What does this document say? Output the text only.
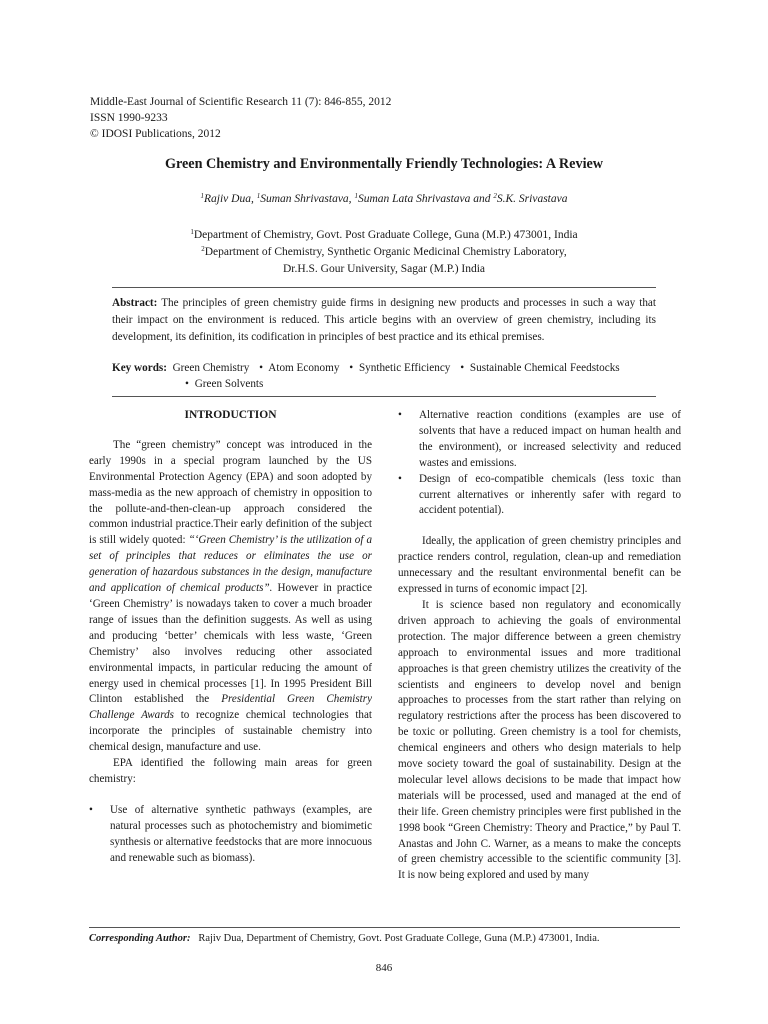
Middle-East Journal of Scientific Research 11 (7): 846-855, 2012
ISSN 1990-9233
© IDOSI Publications, 2012
Green Chemistry and Environmentally Friendly Technologies: A Review
$^1$Rajiv Dua, $^1$Suman Shrivastava, $^1$Suman Lata Shrivastava and $^2$S.K. Srivastava
$^1$Department of Chemistry, Govt. Post Graduate College, Guna (M.P.) 473001, India
$^2$Department of Chemistry, Synthetic Organic Medicinal Chemistry Laboratory,
Dr.H.S. Gour University, Sagar (M.P.) India
Abstract: The principles of green chemistry guide firms in designing new products and processes in such a way that their impact on the environment is reduced. This article begins with an overview of green chemistry, including its development, its definition, its codification in principles of best practice and its ethical premises.
Key words: Green Chemistry • Atom Economy • Synthetic Efficiency • Sustainable Chemical Feedstocks
• Green Solvents
INTRODUCTION

The “green chemistry” concept was introduced in the early 1990s in a special program launched by the US Environmental Protection Agency (EPA) and soon adopted by mass-media as the new approach of chemistry in opposition to the pollute-and-then-clean-up approach considered the common industrial practice.Their early definition of the subject is still widely quoted: “‘Green Chemistry’ is the utilization of a set of principles that reduces or eliminates the use or generation of hazardous substances in the design, manufacture and application of chemical products”. However in practice ‘Green Chemistry’ is nowadays taken to cover a much broader range of issues than the definition suggests. As well as using and producing ‘better’ chemicals with less waste, ‘Green Chemistry’ also involves reducing other associated environmental impacts, in particular reducing the amount of energy used in chemical processes [1]. In 1995 President Bill Clinton established the Presidential Green Chemistry Challenge Awards to recognize chemical technologies that incorporate the principles of sustainable chemistry into chemical design, manufacture and use.

EPA identified the following main areas for green chemistry:

• Use of alternative synthetic pathways (examples, are natural processes such as photochemistry and biomimetic synthesis or alternative feedstocks that are more innocuous and renewable such as biomass).
• Alternative reaction conditions (examples are use of solvents that have a reduced impact on human health and the environment), or increased selectivity and reduced wastes and emissions.
• Design of eco-compatible chemicals (less toxic than current alternatives or inherently safer with regard to accident potential).

Ideally, the application of green chemistry principles and practice renders control, regulation, clean-up and remediation unnecessary and the resultant environmental benefit can be expressed in turns of economic impact [2].

It is science based non regulatory and economically driven approach to achieving the goals of environmental protection. The major difference between a green chemistry approach to environmental issues and more traditional approaches is that green chemistry utilizes the creativity of the scientists and engineers to develop novel and benign approaches to processes from the start rather than relying on regulatory restrictions after the process has been discovered to be toxic or polluting. Green chemistry is a tool for chemists, chemical engineers and others who design materials to help move society toward the goal of sustainability. Design at the molecular level allows decisions to be made that impact how materials will be processed, used and managed at the end of their life. Green chemistry principles were first published in the 1998 book “Green Chemistry: Theory and Practice,” by Paul T. Anastas and John C. Warner, as a means to make the concepts of green chemistry accessible to the scientific community [3]. It is now being explored and used by many

Corresponding Author: Rajiv Dua, Department of Chemistry, Govt. Post Graduate College, Guna (M.P.) 473001, India.
846
